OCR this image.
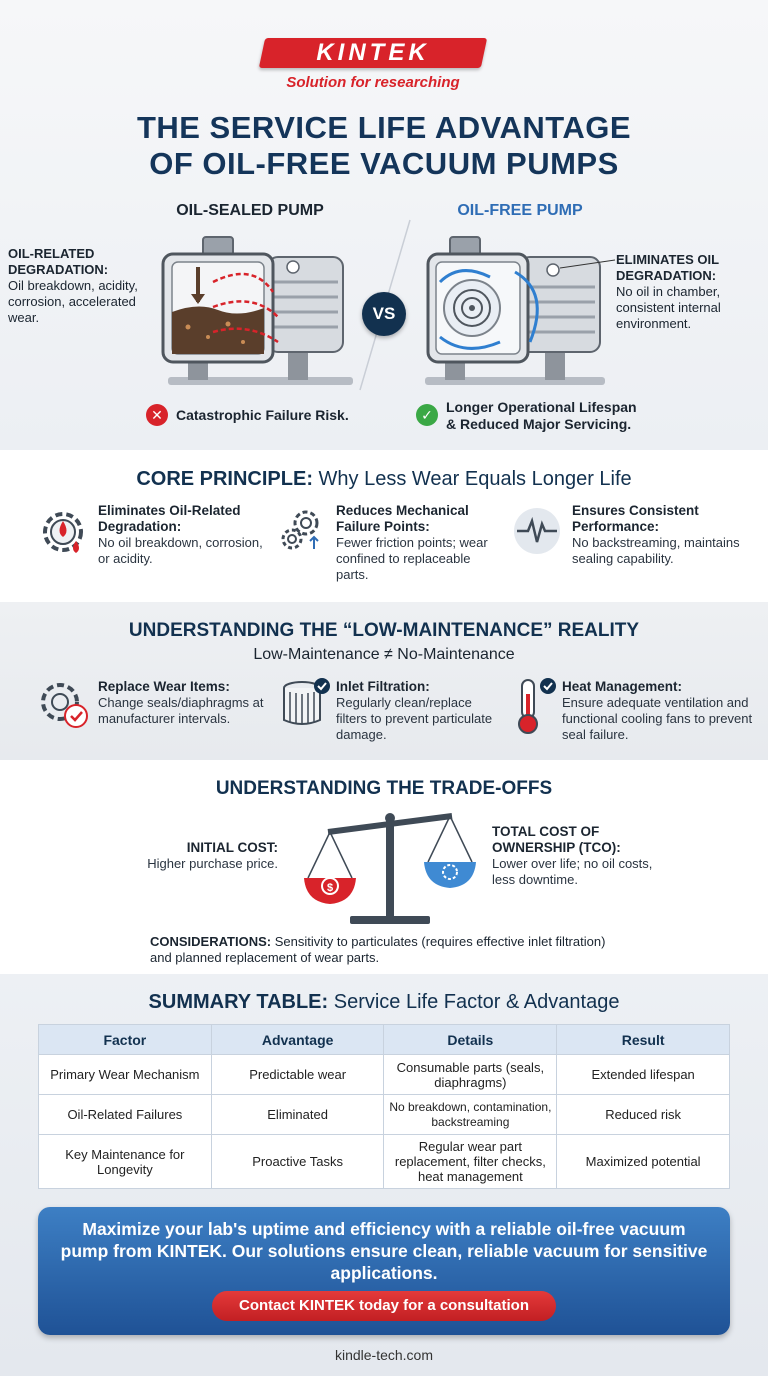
KINTEK
Solution for researching
THE SERVICE LIFE ADVANTAGE
OF OIL-FREE VACUUM PUMPS
OIL-SEALED PUMP	OIL-FREE PUMP
OIL-RELATED DEGRADATION:
Oil breakdown, acidity, corrosion, accelerated wear.	VS
ELIMINATES OIL DEGRADATION:
No oil in chamber, consistent internal environment.
✕ Catastrophic Failure Risk.	✓ Longer Operational Lifespan
& Reduced Major Servicing.
CORE PRINCIPLE: Why Less Wear Equals Longer Life
Eliminates Oil-Related Degradation:
No oil breakdown, corrosion, or acidity.
Reduces Mechanical Failure Points:
Fewer friction points; wear confined to replaceable parts.
Ensures Consistent Performance:
No backstreaming, maintains sealing capability.
UNDERSTANDING THE “LOW-MAINTENANCE” REALITY
Low-Maintenance ≠ No-Maintenance
Replace Wear Items:
Change seals/diaphragms at manufacturer intervals.
Inlet Filtration:
Regularly clean/replace filters to prevent particulate damage.
Heat Management:
Ensure adequate ventilation and functional cooling fans to prevent seal failure.
UNDERSTANDING THE TRADE-OFFS
INITIAL COST:
Higher purchase price.
$
TOTAL COST OF OWNERSHIP (TCO):
Lower over life; no oil costs, less downtime.
CONSIDERATIONS: Sensitivity to particulates (requires effective inlet filtration) and planned replacement of wear parts.
SUMMARY TABLE: Service Life Factor & Advantage
Factor	Advantage	Details	Result
Primary Wear Mechanism	Predictable wear	Consumable parts (seals, diaphragms)	Extended lifespan
Oil-Related Failures	Eliminated	No breakdown, contamination, backstreaming	Reduced risk
Key Maintenance for Longevity	Proactive Tasks	Regular wear part replacement, filter checks, heat management	Maximized potential
Maximize your lab's uptime and efficiency with a reliable oil-free vacuum pump from KINTEK. Our solutions ensure clean, reliable vacuum for sensitive applications.
Contact KINTEK today for a consultation
kindle-tech.com
